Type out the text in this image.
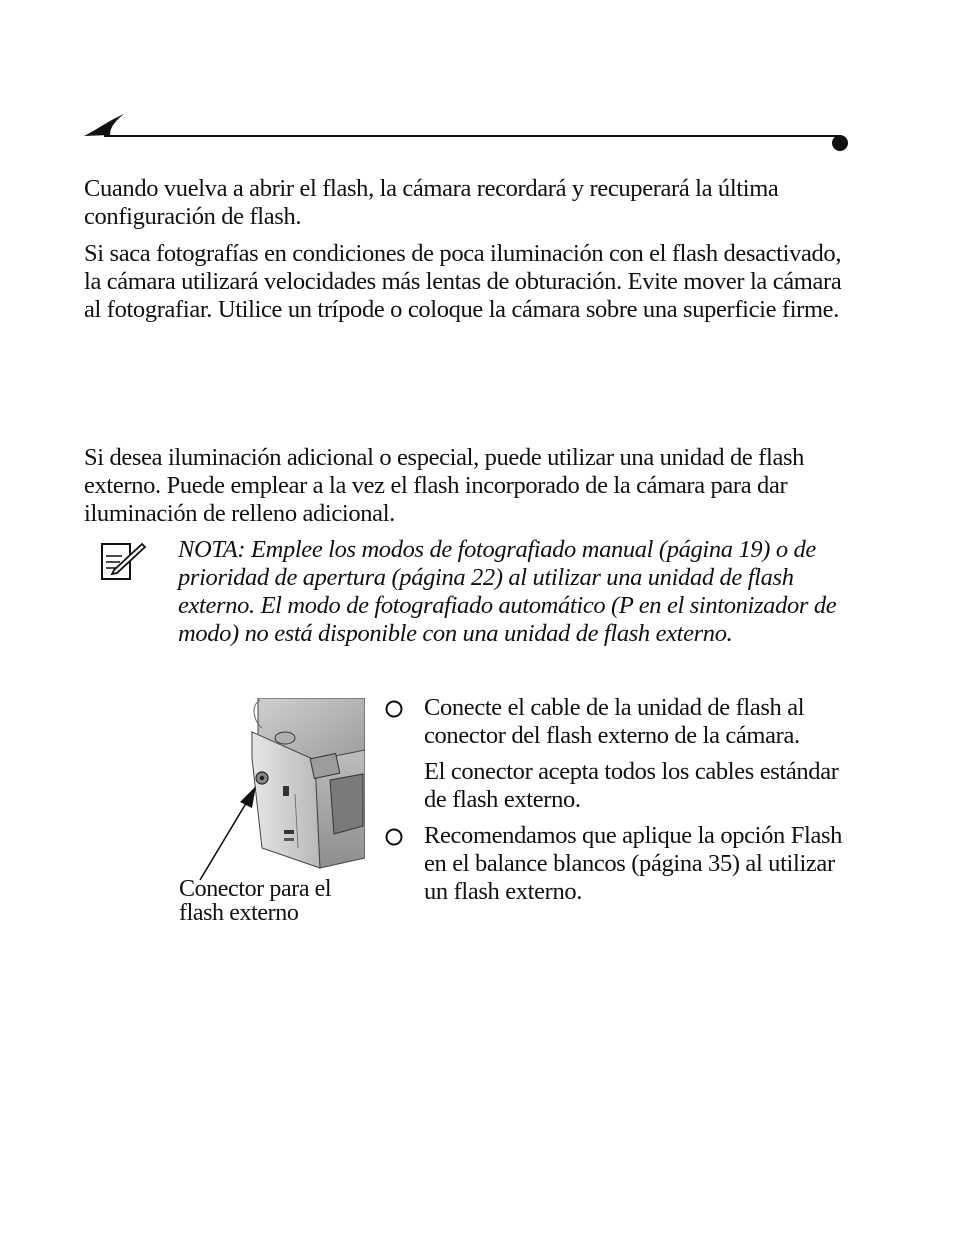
Cuando vuelva a abrir el flash, la cámara recordará y recuperará la última configuración de flash.

Si saca fotografías en condiciones de poca iluminación con el flash desactivado, la cámara utilizará velocidades más lentas de obturación. Evite mover la cámara al fotografiar. Utilice un trípode o coloque la cámara sobre una superficie firme.

Si desea iluminación adicional o especial, puede utilizar una unidad de flash externo. Puede emplear a la vez el flash incorporado de la cámara para dar iluminación de relleno adicional.

NOTA: Emplee los modos de fotografiado manual (página 19) o de prioridad de apertura (página 22) al utilizar una unidad de flash externo. El modo de fotografiado automático (P en el sintonizador de modo) no está disponible con una unidad de flash externo.

Conector para el flash externo

Conecte el cable de la unidad de flash al conector del flash externo de la cámara.

El conector acepta todos los cables estándar de flash externo.

Recomendamos que aplique la opción Flash en el balance blancos (página 35) al utilizar un flash externo.
